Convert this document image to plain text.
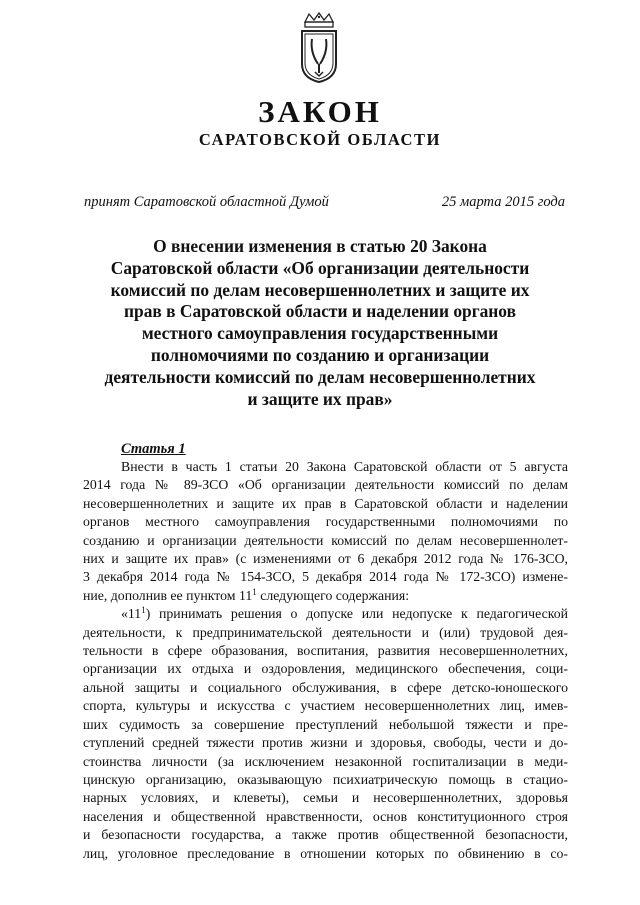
ЗАКОН
САРАТОВСКОЙ ОБЛАСТИ
принят Саратовской областной Думой	25 марта 2015 года
О внесении изменения в статью 20 Закона
Саратовской области «Об организации деятельности
комиссий по делам несовершеннолетних и защите их
прав в Саратовской области и наделении органов
местного самоуправления государственными
полномочиями по созданию и организации
деятельности комиссий по делам несовершеннолетних
и защите их прав»
Статья 1
Внести в часть 1 статьи 20 Закона Саратовской области от 5 августа
2014 года № 89-ЗСО «Об организации деятельности комиссий по делам
несовершеннолетних и защите их прав в Саратовской области и наделении
органов местного самоуправления государственными полномочиями по
созданию и организации деятельности комиссий по делам несовершеннолет-
них и защите их прав» (с изменениями от 6 декабря 2012 года № 176-ЗСО,
3 декабря 2014 года № 154-ЗСО, 5 декабря 2014 года № 172-ЗСО) измене-
ние, дополнив ее пунктом $11^1$ следующего содержания:
«$11^1$) принимать решения о допуске или недопуске к педагогической
деятельности, к предпринимательской деятельности и (или) трудовой дея-
тельности в сфере образования, воспитания, развития несовершеннолетних,
организации их отдыха и оздоровления, медицинского обеспечения, соци-
альной защиты и социального обслуживания, в сфере детско-юношеского
спорта, культуры и искусства с участием несовершеннолетних лиц, имев-
ших судимость за совершение преступлений небольшой тяжести и пре-
ступлений средней тяжести против жизни и здоровья, свободы, чести и до-
стоинства личности (за исключением незаконной госпитализации в меди-
цинскую организацию, оказывающую психиатрическую помощь в стацио-
нарных условиях, и клеветы), семьи и несовершеннолетних, здоровья
населения и общественной нравственности, основ конституционного строя
и безопасности государства, а также против общественной безопасности,
лиц, уголовное преследование в отношении которых по обвинению в со-
